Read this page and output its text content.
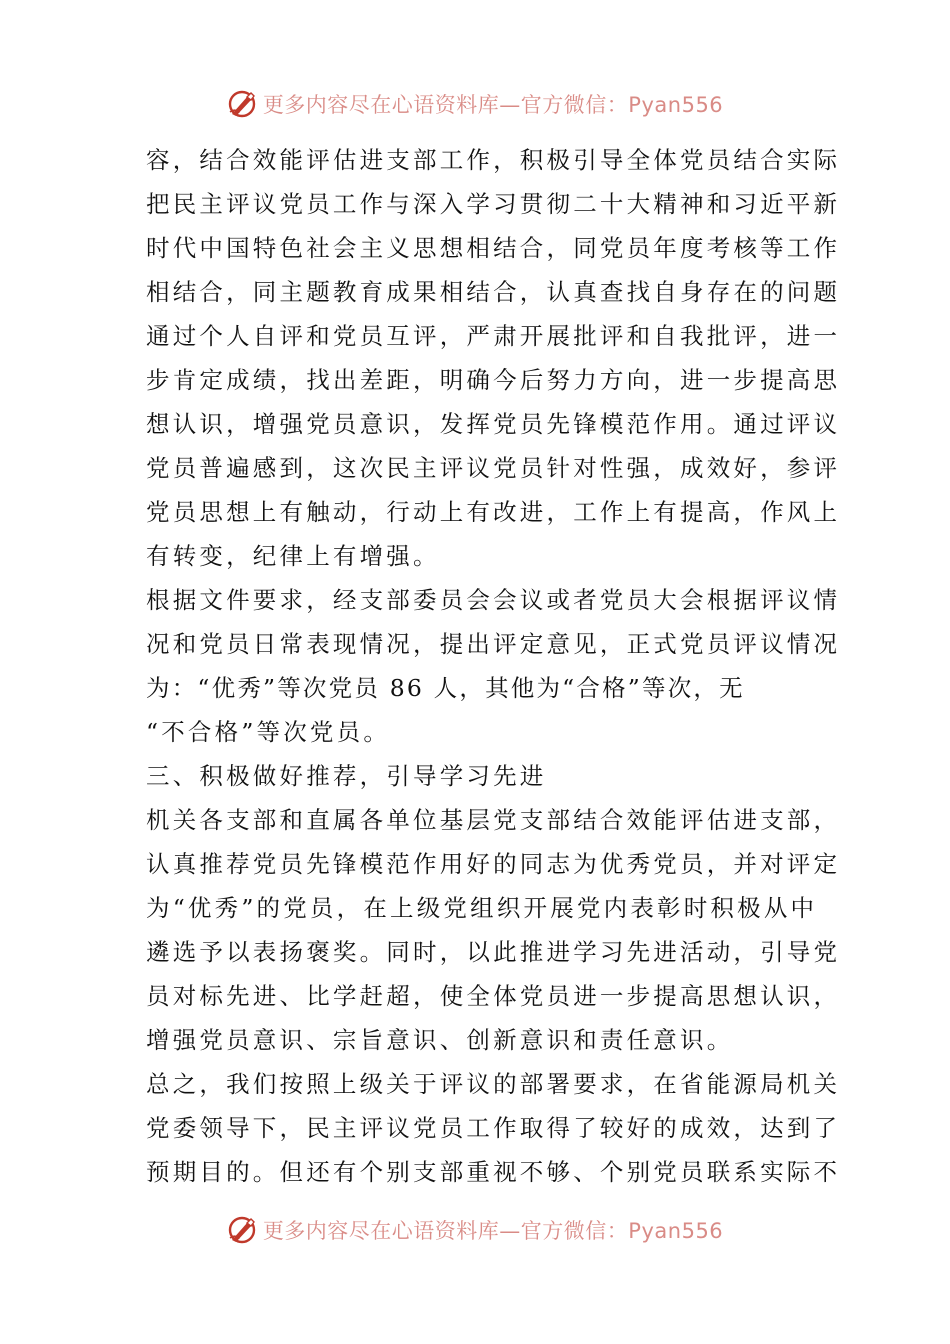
更多内容尽在心语资料库—官方微信：Pyan556
容，结合效能评估进支部工作，积极引导全体党员结合实际
把民主评议党员工作与深入学习贯彻二十大精神和习近平新
时代中国特色社会主义思想相结合，同党员年度考核等工作
相结合，同主题教育成果相结合，认真查找自身存在的问题
通过个人自评和党员互评，严肃开展批评和自我批评，进一
步肯定成绩，找出差距，明确今后努力方向，进一步提高思
想认识，增强党员意识，发挥党员先锋模范作用。通过评议
党员普遍感到，这次民主评议党员针对性强，成效好，参评
党员思想上有触动，行动上有改进，工作上有提高，作风上
有转变，纪律上有增强。
根据文件要求，经支部委员会会议或者党员大会根据评议情
况和党员日常表现情况，提出评定意见，正式党员评议情况
为：“优秀”等次党员 86 人，其他为“合格”等次，无
“不合格”等次党员。
三、积极做好推荐，引导学习先进
机关各支部和直属各单位基层党支部结合效能评估进支部，
认真推荐党员先锋模范作用好的同志为优秀党员，并对评定
为“优秀”的党员，在上级党组织开展党内表彰时积极从中
遴选予以表扬褒奖。同时，以此推进学习先进活动，引导党
员对标先进、比学赶超，使全体党员进一步提高思想认识，
增强党员意识、宗旨意识、创新意识和责任意识。
总之，我们按照上级关于评议的部署要求，在省能源局机关
党委领导下，民主评议党员工作取得了较好的成效，达到了
预期目的。但还有个别支部重视不够、个别党员联系实际不
更多内容尽在心语资料库—官方微信：Pyan556
